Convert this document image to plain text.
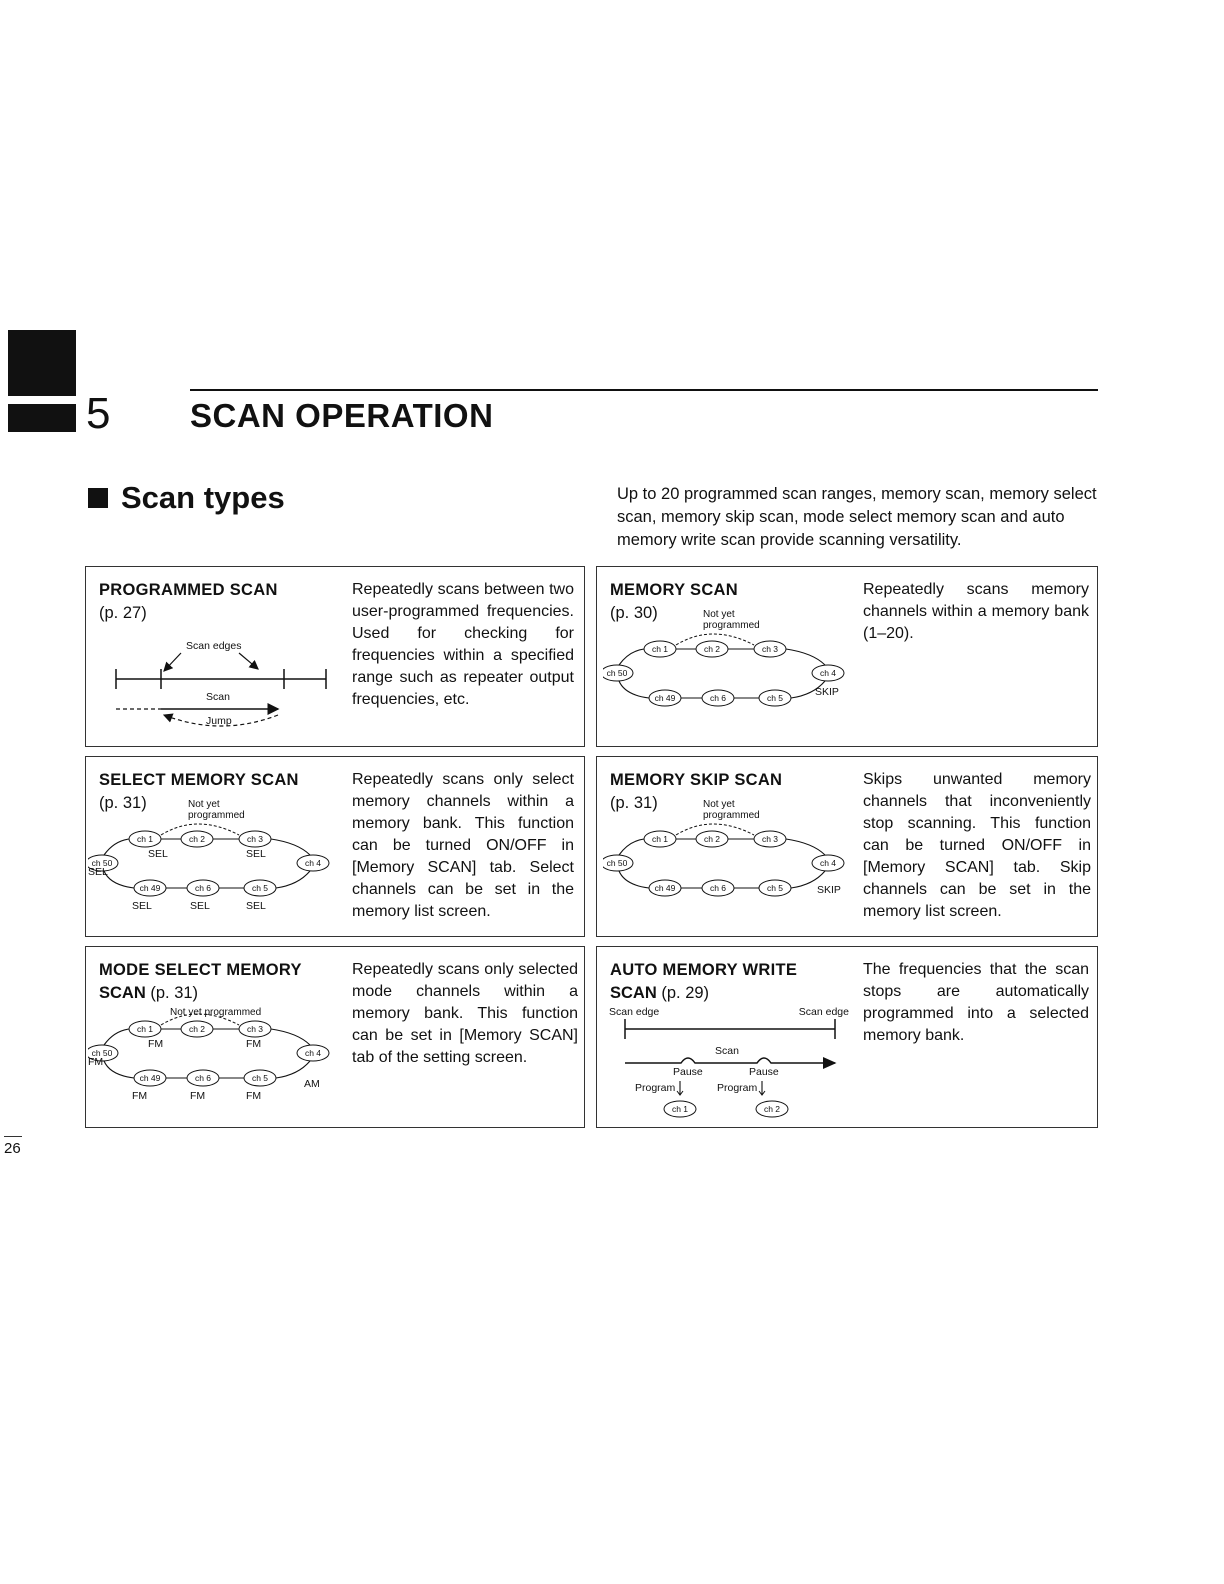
5 SCAN OPERATION
Scan types	Up to 20 programmed scan ranges, memory scan, memory select scan, memory skip scan, mode select memory scan and auto memory write scan provide scanning versatility.
PROGRAMMED SCAN
(p. 27)
Repeatedly scans between two user-programmed frequencies. Used for checking for frequencies within a specified range such as repeater output frequencies, etc.
Scan edges
Scan
Jump
MEMORY SCAN
(p. 30)
Repeatedly scans memory channels within a memory bank (1–20).
ch 1	ch 2	ch 3
ch 4
ch 5
ch 6
ch 49
ch 50
Not yet
programmed
SKIP
SELECT MEMORY SCAN
(p. 31)
Repeatedly scans only select memory channels within a memory bank. This function can be turned ON/OFF in [Memory SCAN] tab. Select channels can be set in the memory list screen.
ch 1	ch 2	ch 3
ch 4
ch 5
ch 6
ch 49
ch 50
Not yet
programmed
SEL	SEL
SEL
SEL	SEL	SEL
MEMORY SKIP SCAN
(p. 31)
Skips unwanted memory channels that inconveniently stop scanning. This function can be turned ON/OFF in [Memory SCAN] tab. Skip channels can be set in the memory list screen.
ch 1	ch 2	ch 3
ch 4
ch 5
ch 6
ch 49
ch 50
Not yet
programmed
SKIP
MODE SELECT MEMORY
SCAN (p. 31)
Repeatedly scans only selected mode channels within a memory bank. This function can be set in [Memory SCAN] tab of the setting screen.
ch 1	ch 2	ch 3
ch 4
ch 5
ch 6
ch 49
ch 50
Not yet programmed
FM	FM
FM
FM	FM	FM
AM
AUTO MEMORY WRITE
SCAN (p. 29)
The frequencies that the scan stops are automatically programmed into a selected memory bank.
Scan edge	Scan edge
Scan
Pause	Pause
Program	Program
ch 1	ch 2
26
